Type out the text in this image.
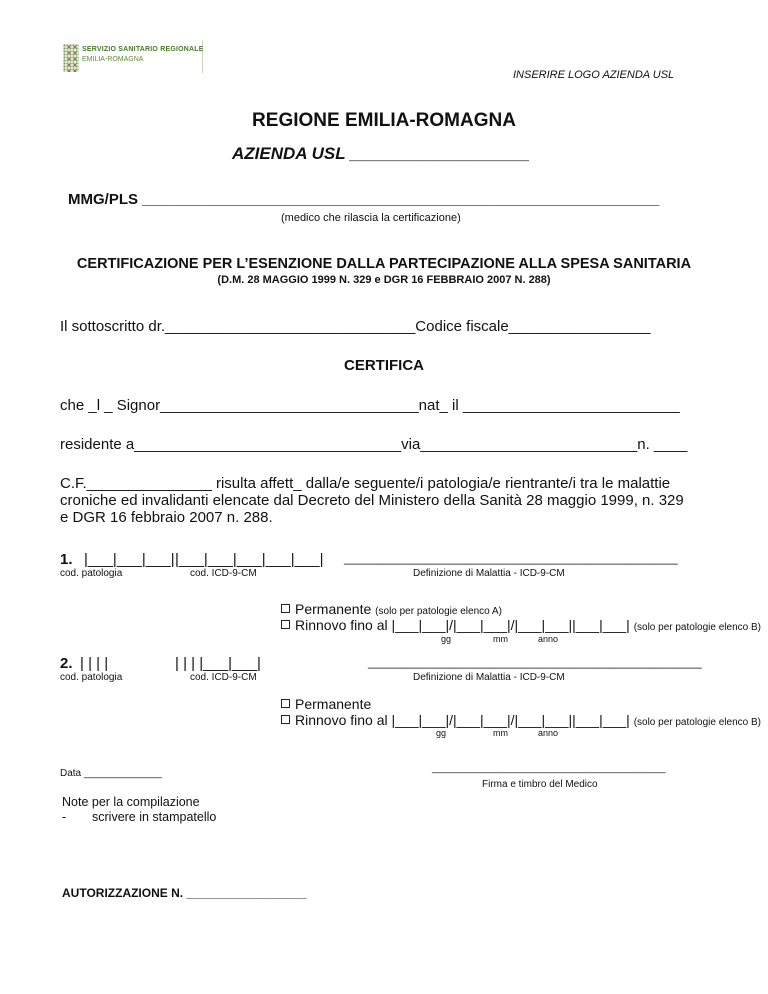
SERVIZIO SANITARIO REGIONALE
EMILIA-ROMAGNA
INSERIRE LOGO AZIENDA USL
REGIONE EMILIA-ROMAGNA
AZIENDA USL ___________________
MMG/PLS ______________________________________________________________
(medico che rilascia la certificazione)
CERTIFICAZIONE PER L’ESENZIONE DALLA PARTECIPAZIONE ALLA SPESA SANITARIA
(D.M. 28 MAGGIO 1999 N. 329 e DGR 16 FEBBRAIO 2007 N. 288)
Il sottoscritto dr.______________________________Codice fiscale_________________
CERTIFICA
che _l _ Signor_______________________________nat_ il __________________________
residente a________________________________via__________________________n. ____
C.F._______________ risulta affett_ dalla/e seguente/i patologia/e rientrante/i tra le malattie
croniche ed invalidanti elencate dal Decreto del Ministero della Sanità 28 maggio 1999, n. 329
e DGR 16 febbraio 2007 n. 288.
1. |___|___|___| |___|___|___|___|___| __________________________________________________
cod. patologia	cod. ICD-9-CM	Definizione di Malattia - ICD-9-CM
Permanente (solo per patologie elenco A)
Rinnovo fino al |___|___|/|___|___|/|___|___||___|___| (solo per patologie elenco B)
gg	mm	anno
2. | | | |	| | | |___|___|	__________________________________________________
cod. patologia	cod. ICD-9-CM	Definizione di Malattia - ICD-9-CM
Permanente
Rinnovo fino al |___|___|/|___|___|/|___|___||___|___| (solo per patologie elenco B)
gg	mm	anno
Data ______________	__________________________________________
Firma e timbro del Medico
Note per la compilazione
- scrivere in stampatello
AUTORIZZAZIONE N. __________________
